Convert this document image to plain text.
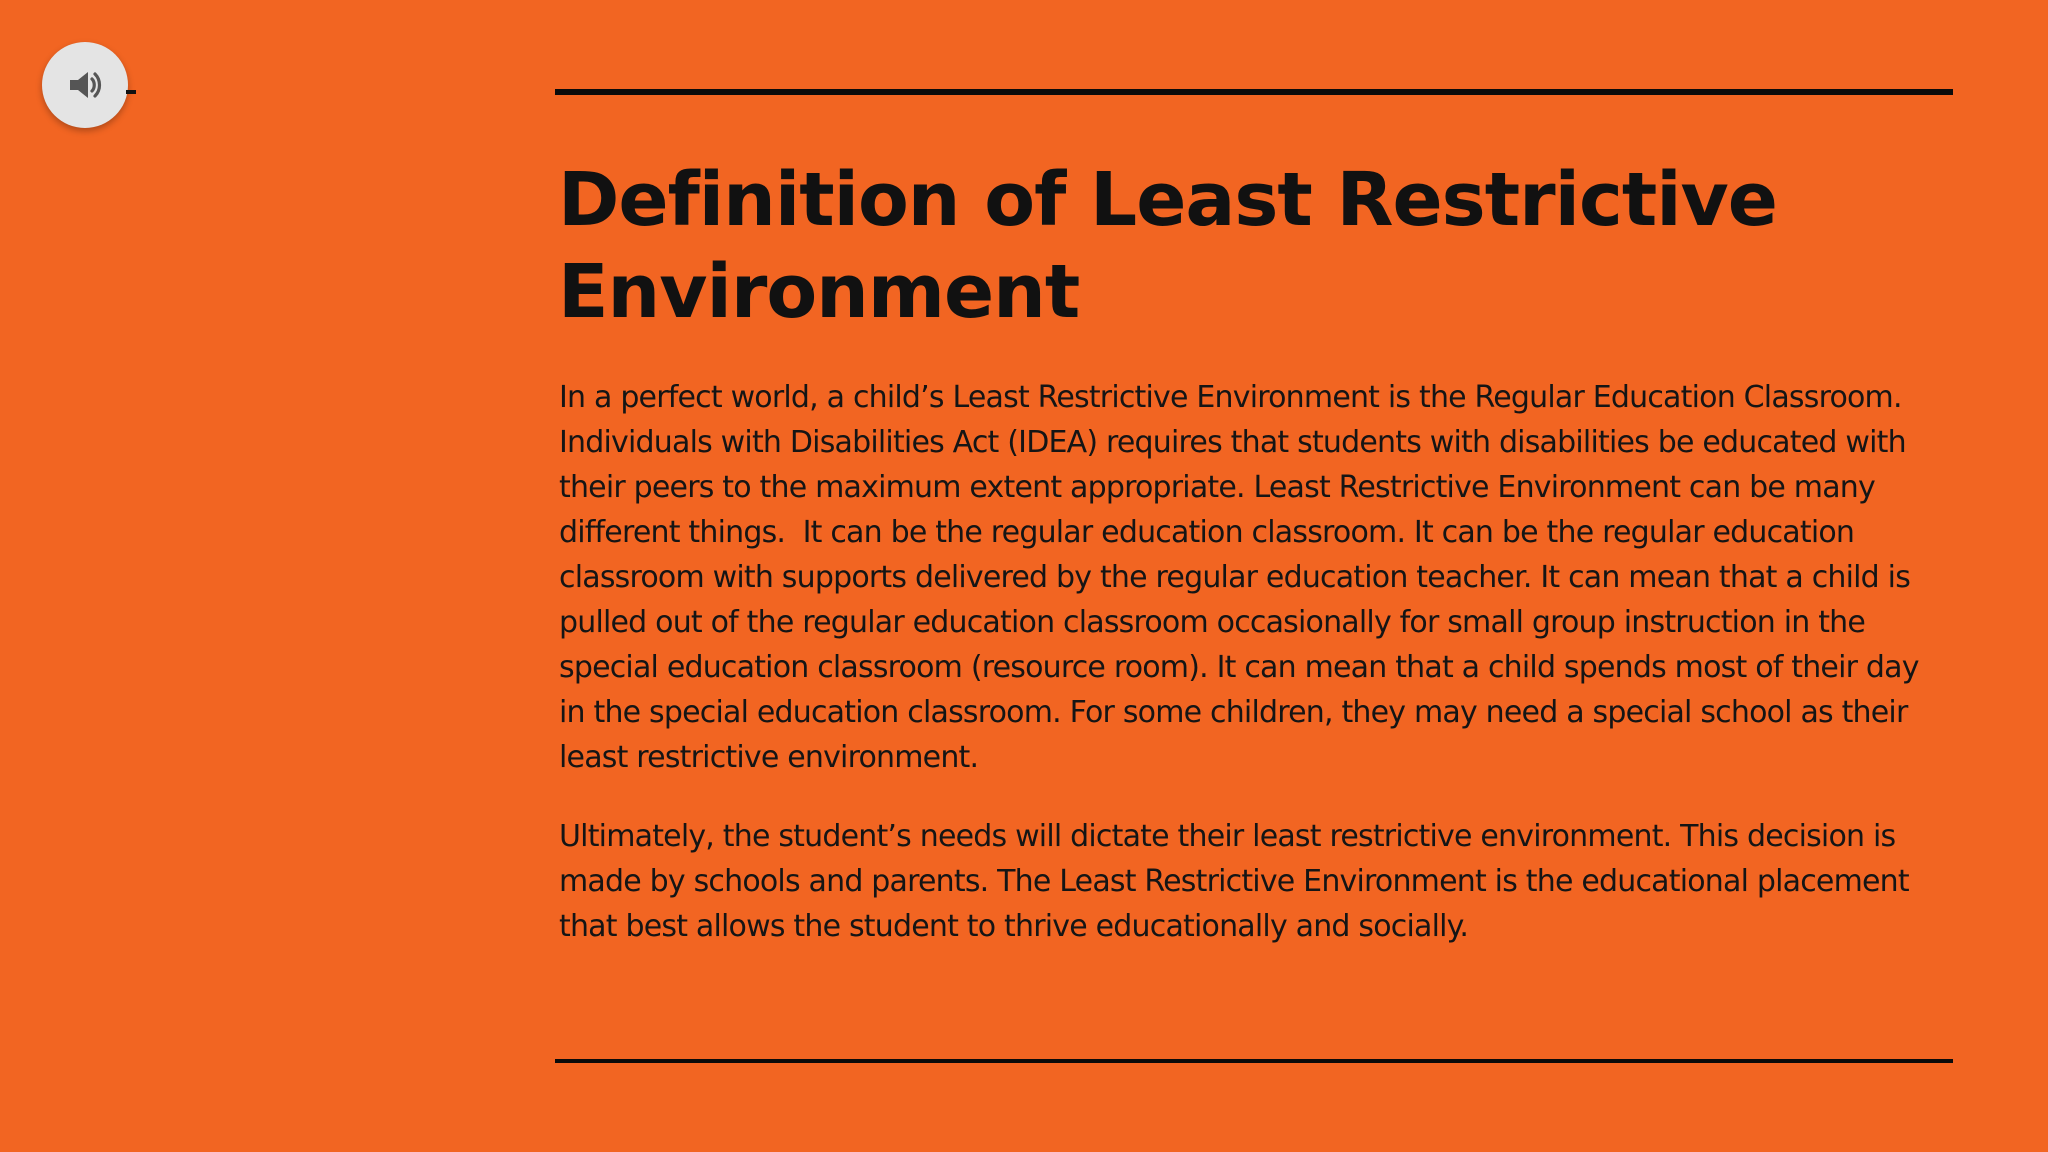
Definition of Least Restrictive Environment

In a perfect world, a child’s Least Restrictive Environment is the Regular Education Classroom. Individuals with Disabilities Act (IDEA) requires that students with disabilities be educated with their peers to the maximum extent appropriate. Least Restrictive Environment can be many different things.  It can be the regular education classroom. It can be the regular education classroom with supports delivered by the regular education teacher. It can mean that a child is pulled out of the regular education classroom occasionally for small group instruction in the special education classroom (resource room). It can mean that a child spends most of their day in the special education classroom. For some children, they may need a special school as their least restrictive environment.

Ultimately, the student’s needs will dictate their least restrictive environment. This decision is made by schools and parents. The Least Restrictive Environment is the educational placement that best allows the student to thrive educationally and socially.
